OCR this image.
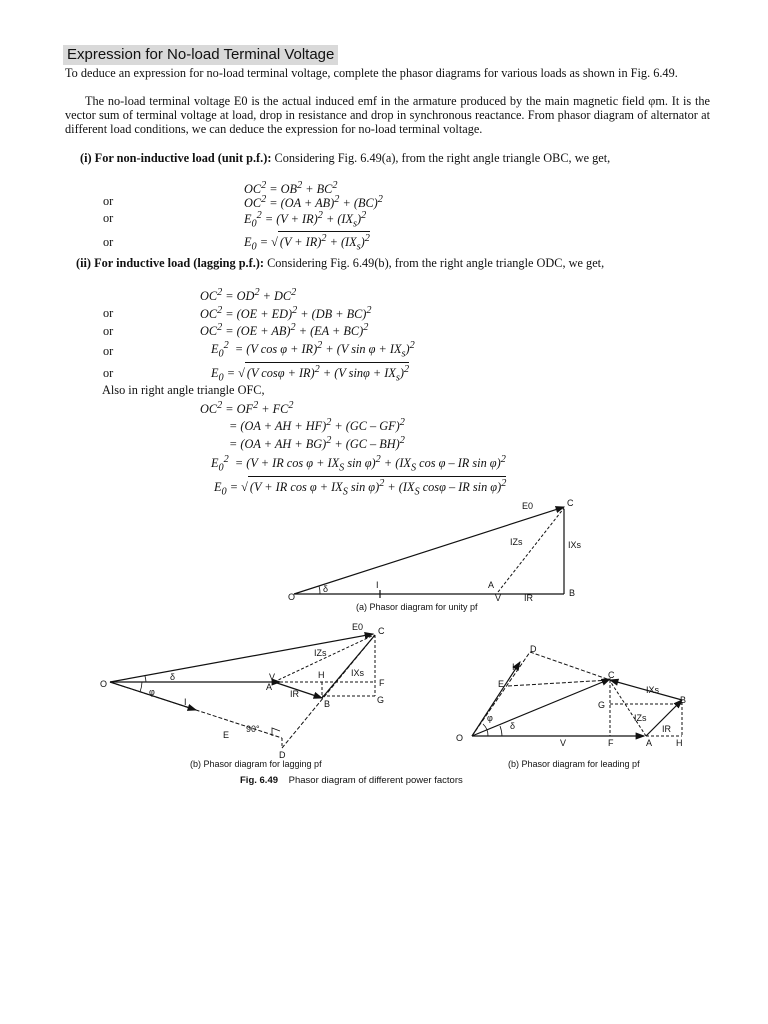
Expression for No-load Terminal Voltage
To deduce an expression for no-load terminal voltage, complete the phasor diagrams for various loads as shown in Fig. 6.49.
The no-load terminal voltage E0 is the actual induced emf in the armature produced by the main magnetic field φm. It is the vector sum of terminal voltage at load, drop in resistance and drop in synchronous reactance. From phasor diagram of alternator at different load conditions, we can deduce the expression for no-load terminal voltage.
(i) For non-inductive load (unit p.f.): Considering Fig. 6.49(a), from the right angle triangle OBC, we get,
$OC^2 = OB^2 + BC^2$
or	$OC^2 = (OA + AB)^2 + (BC)^2$
or	$E_0^2 = (V + IR)^2 + (IX_s)^2$
or	$E_0$ = √ $(V + IR)^2 + (IX_s)^2$
(ii) For inductive load (lagging p.f.): Considering Fig. 6.49(b), from the right angle triangle ODC, we get,
$OC^2 = OD^2 + DC^2$
or	$OC^2 = (OE + ED)^2 + (DB + BC)^2$
or	$OC^2 = (OE + AB)^2 + (EA + BC)^2$
or	$E_0^2 = (V$ cos φ + IR)$^2$ + (V $\sin \varphi + IX_s)^2$
or	$E_0$ = √ (V cosφ + IR)$^2$ + (V $\sin\varphi + IX_s)^2$
Also in right angle triangle OFC,
$OC^2 = OF^2 + FC^2$
= (OA + AH + HF)$^2$ + (GC – GF)$^2$
= (OA + AH + BG)$^2$ + (GC – BH)$^2$
$E_0^2 = (V$ + IR $\cos \varphi + IX_S$ $\sin \varphi)^2 + (IX_S$ cos φ – IR sin φ)$^2$
$E_0$ = √ (V + IR $\cos \varphi + IX_S$ $\sin \varphi)^2 + (IX_S$ cosφ – IR sin φ)$^2$
O
δ
E0	C
IZs	IXs
A
I
V	IR	B
(a) Phasor diagram for unity pf
O
δ
φ
E0 C
IZs
IXs
V
A
H
IR
B
F
G
I
E
90°
D
(b) Phasor diagram for lagging pf
O
φ
δ
D
I
E
C
IXs
B
G
IZs
IR
V	F	A	H
(b) Phasor diagram for leading pf
Fig. 6.49 Phasor diagram of different power factors
